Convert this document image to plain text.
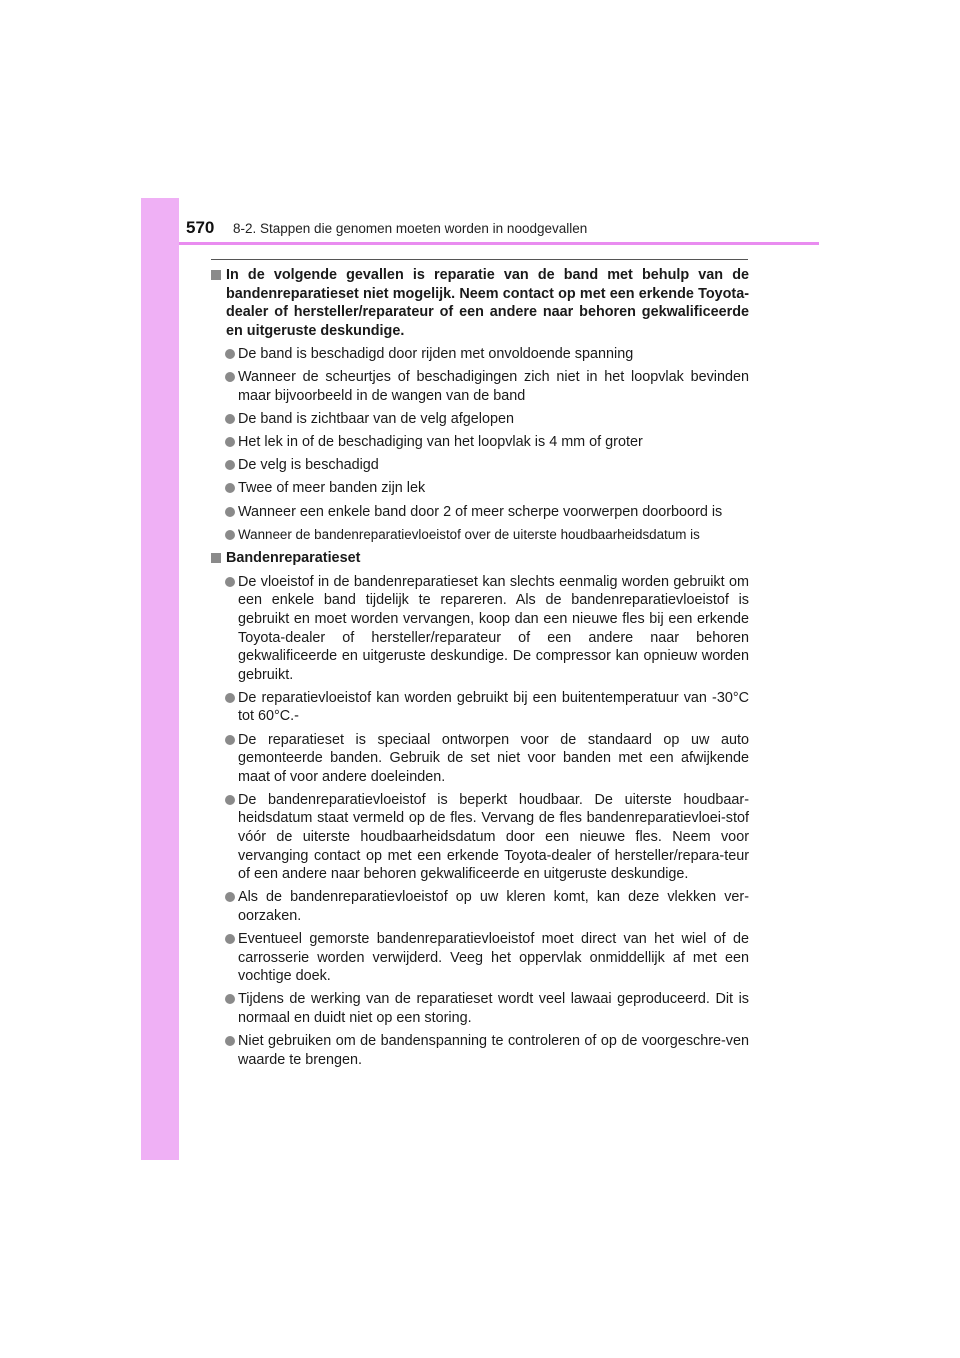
570 8-2. Stappen die genomen moeten worden in noodgevallen
In de volgende gevallen is reparatie van de band met behulp van de bandenreparatieset niet mogelijk. Neem contact op met een erkende Toyota-dealer of hersteller/reparateur of een andere naar behoren gekwalificeerde en uitgeruste deskundige.
De band is beschadigd door rijden met onvoldoende spanning
Wanneer de scheurtjes of beschadigingen zich niet in het loopvlak bevinden maar bijvoorbeeld in de wangen van de band
De band is zichtbaar van de velg afgelopen
Het lek in of de beschadiging van het loopvlak is 4 mm of groter
De velg is beschadigd
Twee of meer banden zijn lek
Wanneer een enkele band door 2 of meer scherpe voorwerpen doorboord is
Wanneer de bandenreparatievloeistof over de uiterste houdbaarheidsdatum is
Bandenreparatieset
De vloeistof in de bandenreparatieset kan slechts eenmalig worden gebruikt om een enkele band tijdelijk te repareren. Als de bandenreparatievloeistof is gebruikt en moet worden vervangen, koop dan een nieuwe fles bij een erkende Toyota-dealer of hersteller/reparateur of een andere naar behoren gekwalificeerde en uitgeruste deskundige. De compressor kan opnieuw worden gebruikt.
De reparatievloeistof kan worden gebruikt bij een buitentemperatuur van -30°C tot 60°C.-
De reparatieset is speciaal ontworpen voor de standaard op uw auto gemonteerde banden. Gebruik de set niet voor banden met een afwijkende maat of voor andere doeleinden.
De bandenreparatievloeistof is beperkt houdbaar. De uiterste houdbaar-heidsdatum staat vermeld op de fles. Vervang de fles bandenreparatievloei-stof vóór de uiterste houdbaarheidsdatum door een nieuwe fles. Neem voor vervanging contact op met een erkende Toyota-dealer of hersteller/repara-teur of een andere naar behoren gekwalificeerde en uitgeruste deskundige.
Als de bandenreparatievloeistof op uw kleren komt, kan deze vlekken ver-oorzaken.
Eventueel gemorste bandenreparatievloeistof moet direct van het wiel of de carrosserie worden verwijderd. Veeg het oppervlak onmiddellijk af met een vochtige doek.
Tijdens de werking van de reparatieset wordt veel lawaai geproduceerd. Dit is normaal en duidt niet op een storing.
Niet gebruiken om de bandenspanning te controleren of op de voorgeschre-ven waarde te brengen.
